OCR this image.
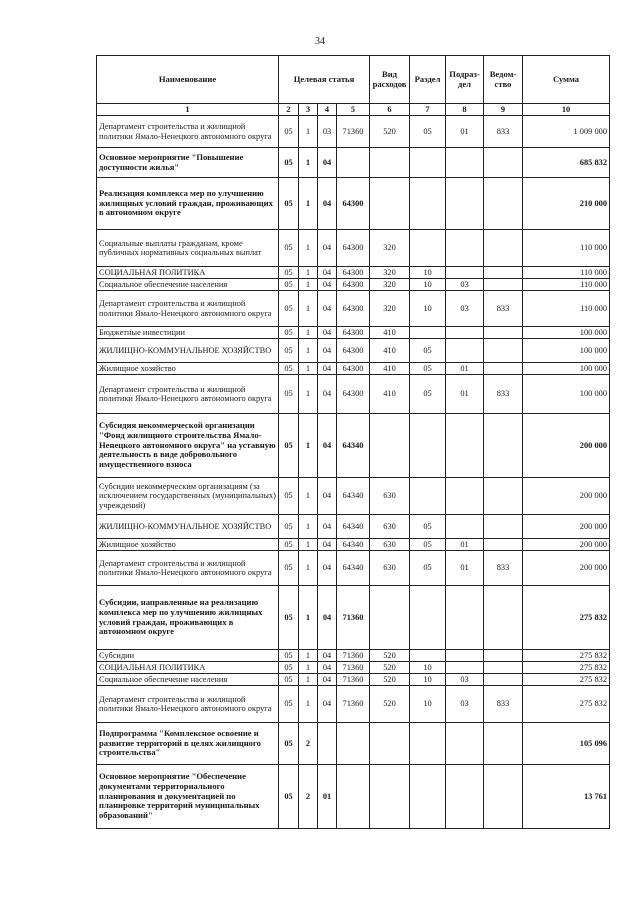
34
Наименование	Целевая статья				Вид расходов	Раздел	Подраз-дел	Ведом-ство	Сумма
1	2	3	4	5	6	7	8	9	10
Департамент строительства и жилищной политики Ямало-Ненецкого автономного округа	05	1	03	71360	520	05	01	833	1 009 000
Основное мероприятие "Повышение доступности жилья"	05	1	04						685 832
Реализация комплекса мер по улучшению жилищных условий граждан, проживающих в автономном округе	05	1	04	64300					210 000
Социальные выплаты гражданам, кроме публичных нормативных социальных выплат	05	1	04	64300	320				110 000
СОЦИАЛЬНАЯ ПОЛИТИКА	05	1	04	64300	320	10			110 000
Социальное обеспечение населения	05	1	04	64300	320	10	03		110 000
Департамент строительства и жилищной политики Ямало-Ненецкого автономного округа	05	1	04	64300	320	10	03	833	110 000
Бюджетные инвестиции	05	1	04	64300	410				100 000
ЖИЛИЩНО-КОММУНАЛЬНОЕ ХОЗЯЙСТВО	05	1	04	64300	410	05			100 000
Жилищное хозяйство	05	1	04	64300	410	05	01		100 000
Департамент строительства и жилищной политики Ямало-Ненецкого автономного округа	05	1	04	64300	410	05	01	833	100 000
Субсидия некоммерческой организации "Фонд жилищного строительства Ямало-Ненецкого автономного округа" на уставную деятельность в виде добровольного имущественного взноса	05	1	04	64340					200 000
Субсидии некоммерческим организациям (за исключением государственных (муниципальных) учреждений)	05	1	04	64340	630				200 000
ЖИЛИЩНО-КОММУНАЛЬНОЕ ХОЗЯЙСТВО	05	1	04	64340	630	05			200 000
Жилищное хозяйство	05	1	04	64340	630	05	01		200 000
Департамент строительства и жилищной политики Ямало-Ненецкого автономного округа	05	1	04	64340	630	05	01	833	200 000
Субсидии, направленные на реализацию комплекса мер по улучшению жилищных условий граждан, проживающих в автономном округе	05	1	04	71360					275 832
Субсидии	05	1	04	71360	520				275 832
СОЦИАЛЬНАЯ ПОЛИТИКА	05	1	04	71360	520	10			275 832
Социальное обеспечение населения	05	1	04	71360	520	10	03		275 832
Департамент строительства и жилищной политики Ямало-Ненецкого автономного округа	05	1	04	71360	520	10	03	833	275 832
Подпрограмма "Комплексное освоение и развитие территорий в целях жилищного строительства"	05	2							105 096
Основное мероприятие "Обеспечение документами территориального планирования и документацией по планировке территорий муниципальных образований"	05	2	01						13 761
